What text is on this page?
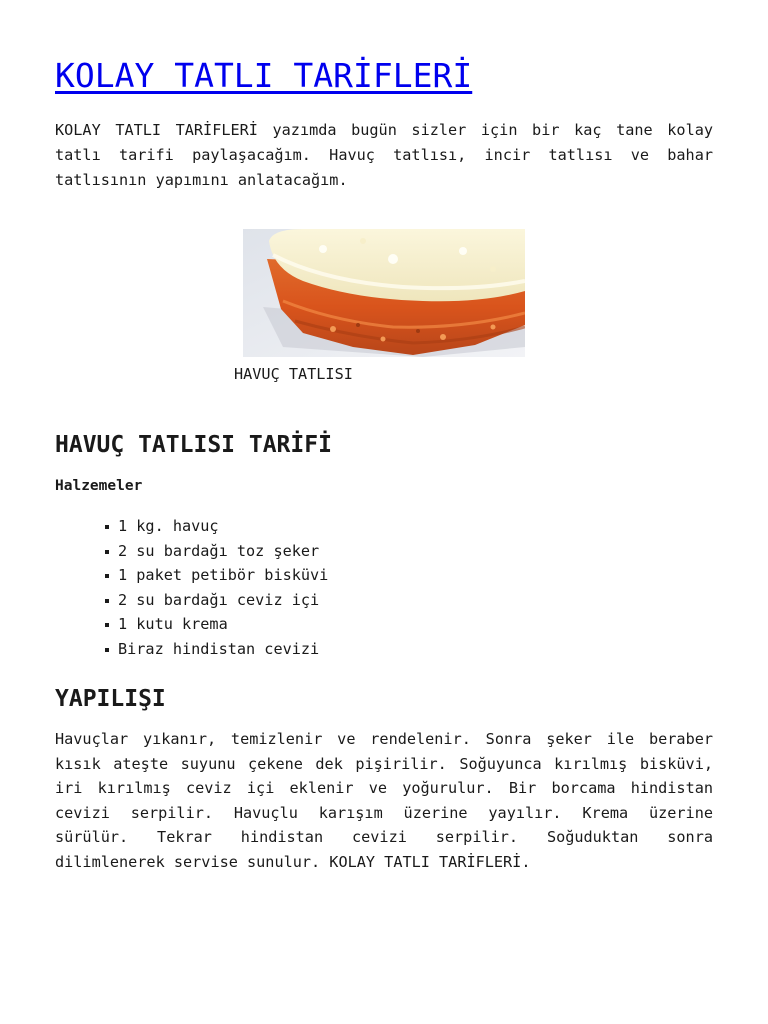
KOLAY TATLI TARİFLERİ

KOLAY TATLI TARİFLERİ yazımda bugün sizler için bir kaç tane kolay tatlı tarifi paylaşacağım. Havuç tatlısı, incir tatlısı ve bahar tatlısının yapımını anlatacağım.

HAVUÇ TATLISI

HAVUÇ TATLISI TARİFİ

Halzemeler

1 kg. havuç
2 su bardağı toz şeker
1 paket petibör bisküvi
2 su bardağı ceviz içi
1 kutu krema
Biraz hindistan cevizi
YAPILIŞI

Havuçlar yıkanır, temizlenir ve rendelenir. Sonra şeker ile beraber kısık ateşte suyunu çekene dek pişirilir. Soğuyunca kırılmış bisküvi, iri kırılmış ceviz içi eklenir ve yoğurulur. Bir borcama hindistan cevizi serpilir. Havuçlu karışım üzerine yayılır. Krema üzerine sürülür. Tekrar hindistan cevizi serpilir. Soğuduktan sonra dilimlenerek servise sunulur. KOLAY TATLI TARİFLERİ.
